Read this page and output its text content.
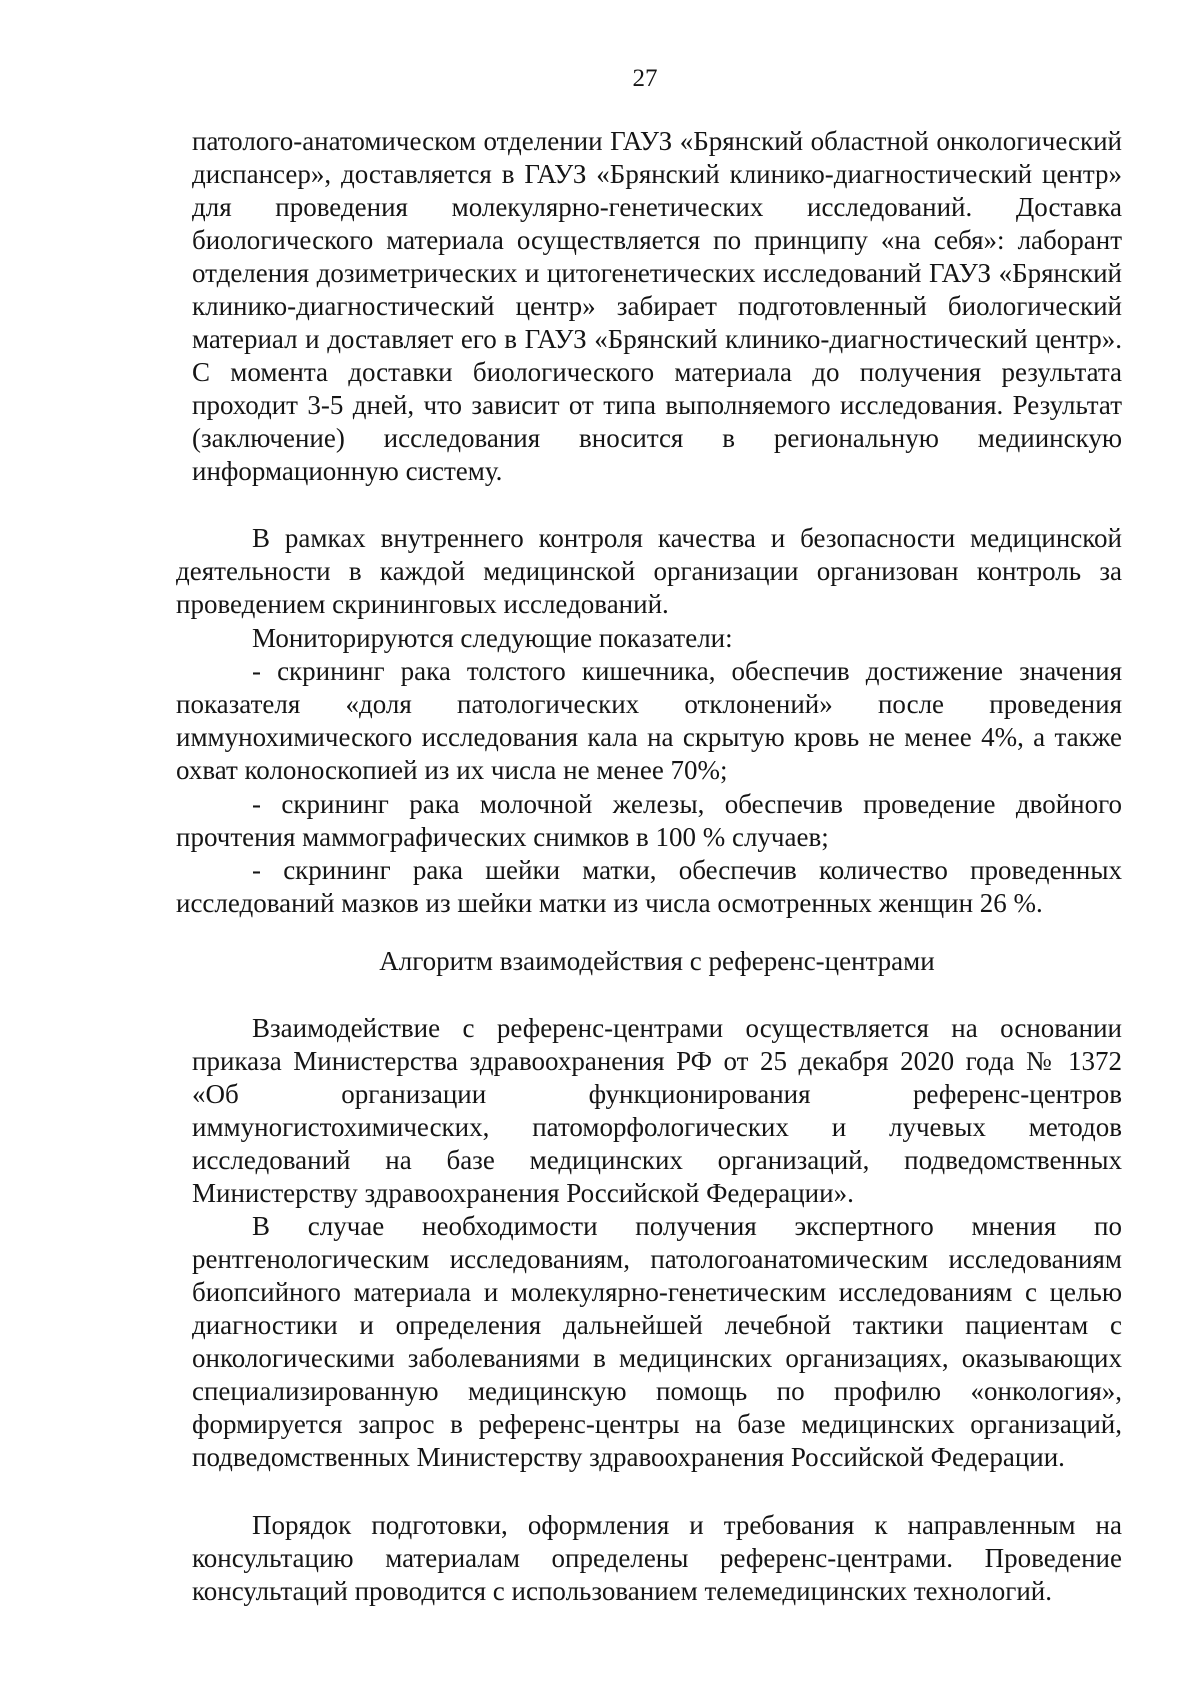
27

патолого-анатомическом отделении ГАУЗ «Брянский областной онкологический диспансер», доставляется в ГАУЗ «Брянский клинико-диагностический центр» для проведения молекулярно-генетических исследований. Доставка биологического материала осуществляется по принципу «на себя»: лаборант отделения дозиметрических и цитогенетических исследований ГАУЗ «Брянский клинико-диагностический центр» забирает подготовленный биологический материал и доставляет его в ГАУЗ «Брянский клинико-диагностический центр». С момента доставки биологического материала до получения результата проходит 3-5 дней, что зависит от типа выполняемого исследования. Результат (заключение) исследования вносится в региональную медиинскую информационную систему.

В рамках внутреннего контроля качества и безопасности медицинской деятельности в каждой медицинской организации организован контроль за проведением скрининговых исследований.

Мониторируются следующие показатели:

- скрининг рака толстого кишечника, обеспечив достижение значения показателя «доля патологических отклонений» после проведения иммунохимического исследования кала на скрытую кровь не менее 4%, а также охват колоноскопией из их числа не менее 70%;

- скрининг рака молочной железы, обеспечив проведение двойного прочтения маммографических снимков в 100 % случаев;

- скрининг рака шейки матки, обеспечив количество проведенных исследований мазков из шейки матки из числа осмотренных женщин 26 %.

Алгоритм взаимодействия с референс-центрами

Взаимодействие с референс-центрами осуществляется на основании приказа Министерства здравоохранения РФ от 25 декабря 2020 года № 1372 «Об организации функционирования референс-центров иммуногистохимических, патоморфологических и лучевых методов исследований на базе медицинских организаций, подведомственных Министерству здравоохранения Российской Федерации».

В случае необходимости получения экспертного мнения по рентгенологическим исследованиям, патологоанатомическим исследованиям биопсийного материала и молекулярно-генетическим исследованиям с целью диагностики и определения дальнейшей лечебной тактики пациентам с онкологическими заболеваниями в медицинских организациях, оказывающих специализированную медицинскую помощь по профилю «онкология», формируется запрос в референс-центры на базе медицинских организаций, подведомственных Министерству здравоохранения Российской Федерации.

Порядок подготовки, оформления и требования к направленным на консультацию материалам определены референс-центрами. Проведение консультаций проводится с использованием телемедицинских технологий.
